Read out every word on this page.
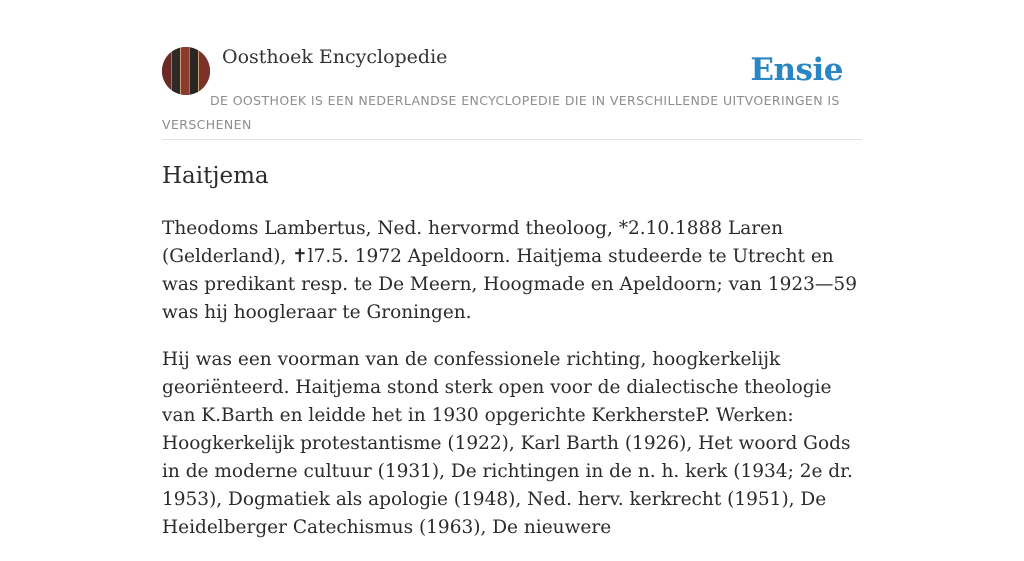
Oosthoek Encyclopedie	Ensie
DE OOSTHOEK IS EEN NEDERLANDSE ENCYCLOPEDIE DIE IN VERSCHILLENDE UITVOERINGEN IS VERSCHENEN
Haitjema

Theodoms Lambertus, Ned. hervormd theoloog, *2.10.1888 Laren (Gelderland), ✝l7.5. 1972 Apeldoorn. Haitjema studeerde te Utrecht en was predikant resp. te De Meern, Hoogmade en Apeldoorn; van 1923—59 was hij hoogleraar te Groningen.

Hij was een voorman van de confessionele richting, hoogkerkelijk georiënteerd. Haitjema stond sterk open voor de dialectische theologie van K.Barth en leidde het in 1930 opgerichte KerkhersteP. Werken: Hoogkerkelijk protestantisme (1922), Karl Barth (1926), Het woord Gods in de moderne cultuur (1931), De richtingen in de n. h. kerk (1934; 2e dr. 1953), Dogmatiek als apologie (1948), Ned. herv. kerkrecht (1951), De Heidelberger Catechismus (1963), De nieuwere
